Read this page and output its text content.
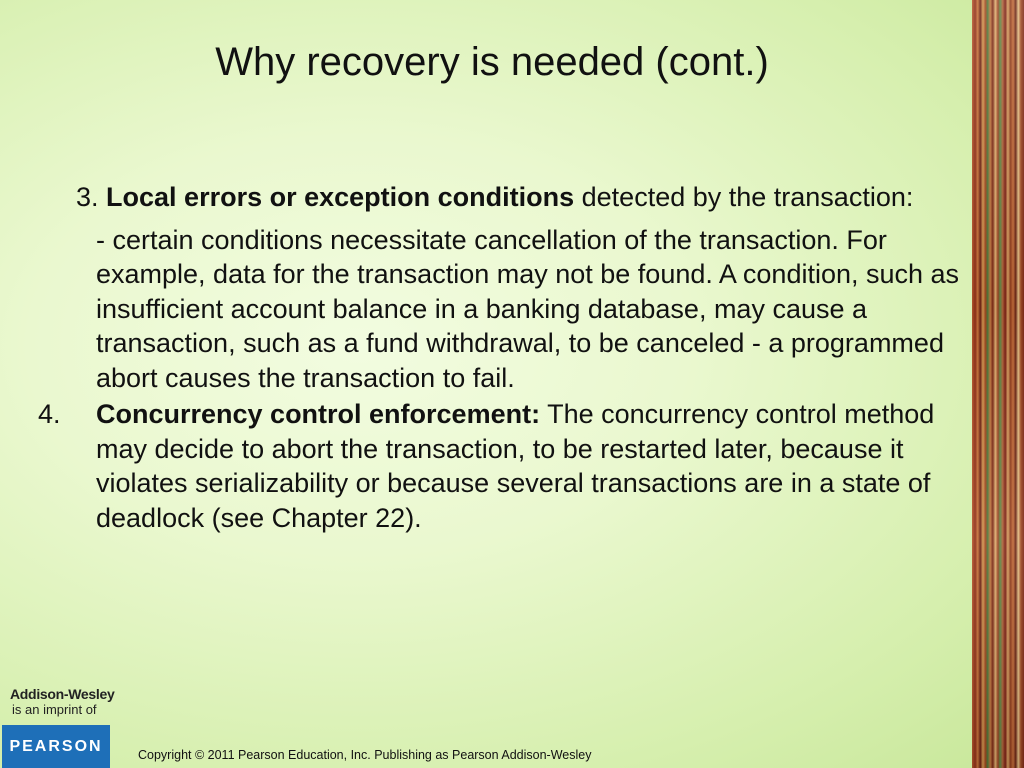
Why recovery is needed (cont.)
3. Local errors or exception conditions detected by the transaction:
- certain conditions necessitate cancellation of the transaction. For example, data for the transaction may not be found. A condition, such as insufficient account balance in a banking database, may cause a transaction, such as a fund withdrawal, to be canceled - a programmed abort causes the transaction to fail.
4. Concurrency control enforcement: The concurrency control method may decide to abort the transaction, to be restarted later, because it violates serializability or because several transactions are in a state of deadlock (see Chapter 22).
Addison-Wesley
is an imprint of
PEARSON
Copyright © 2011 Pearson Education, Inc. Publishing as Pearson Addison-Wesley
